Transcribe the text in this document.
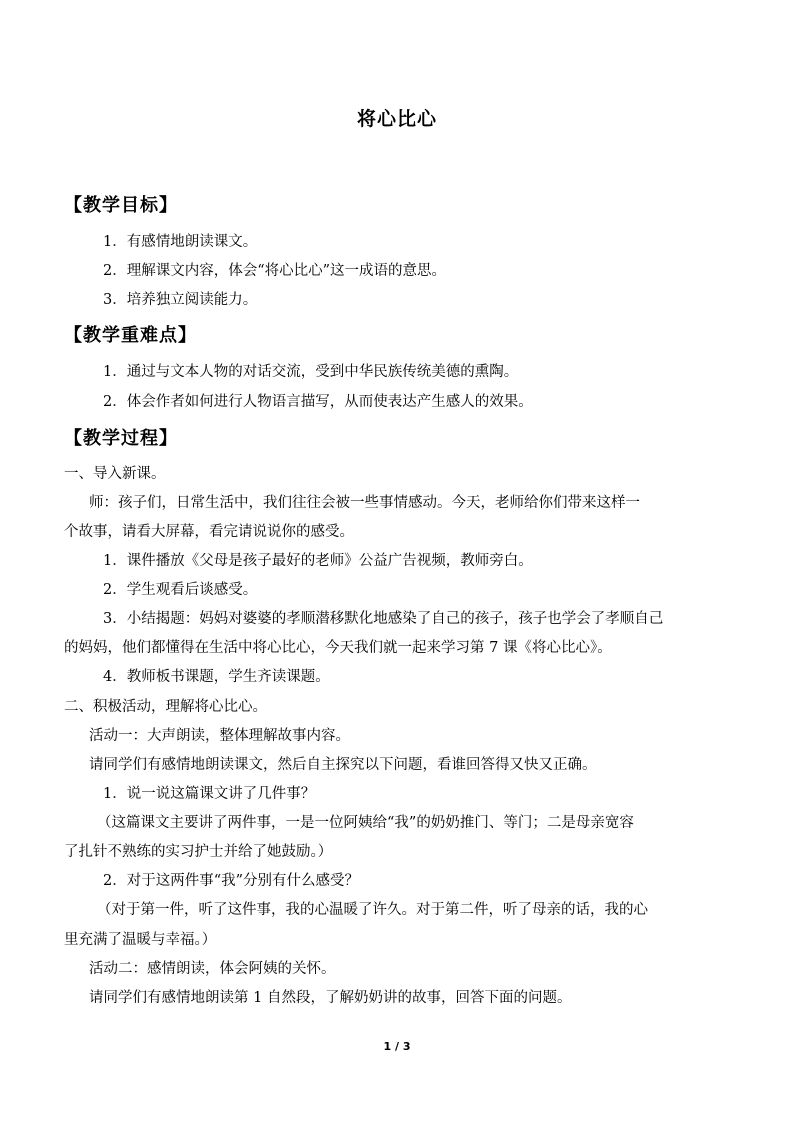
将心比心
【教学目标】
1．有感情地朗读课文。
2．理解课文内容，体会“将心比心”这一成语的意思。
3．培养独立阅读能力。
【教学重难点】
1．通过与文本人物的对话交流，受到中华民族传统美德的熏陶。
2．体会作者如何进行人物语言描写，从而使表达产生感人的效果。
【教学过程】
一、导入新课。
师：孩子们，日常生活中，我们往往会被一些事情感动。今天，老师给你们带来这样一
个故事，请看大屏幕，看完请说说你的感受。
1．课件播放《父母是孩子最好的老师》公益广告视频，教师旁白。
2．学生观看后谈感受。
3．小结揭题：妈妈对婆婆的孝顺潜移默化地感染了自己的孩子，孩子也学会了孝顺自己
的妈妈，他们都懂得在生活中将心比心，今天我们就一起来学习第 7 课《将心比心》。
4．教师板书课题，学生齐读课题。
二、积极活动，理解将心比心。
活动一：大声朗读，整体理解故事内容。
请同学们有感情地朗读课文，然后自主探究以下问题，看谁回答得又快又正确。
1．说一说这篇课文讲了几件事？
（这篇课文主要讲了两件事，一是一位阿姨给“我”的奶奶推门、等门；二是母亲宽容
了扎针不熟练的实习护士并给了她鼓励。）
2．对于这两件事“我”分别有什么感受？
（对于第一件，听了这件事，我的心温暖了许久。对于第二件，听了母亲的话，我的心
里充满了温暖与幸福。）
活动二：感情朗读，体会阿姨的关怀。
请同学们有感情地朗读第 1 自然段，了解奶奶讲的故事，回答下面的问题。
1 / 3
